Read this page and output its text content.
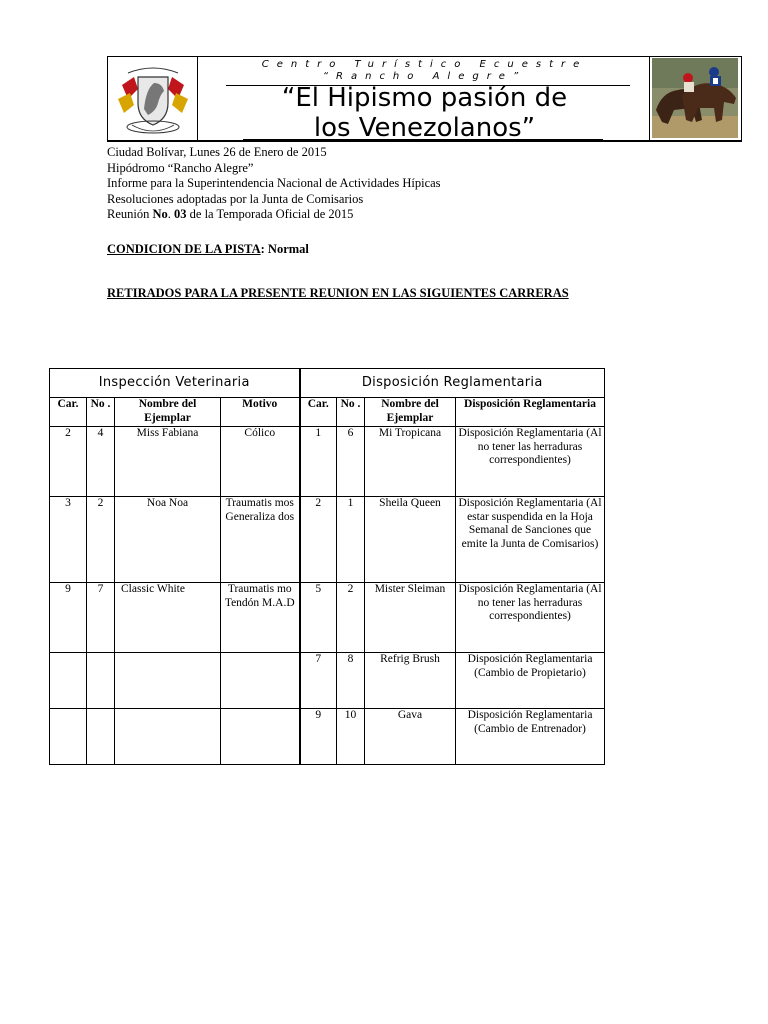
Centro Turístico Ecuestre
“Rancho Alegre”
“El Hipismo pasión de
los Venezolanos”
Ciudad Bolívar, Lunes 26 de Enero de 2015
Hipódromo “Rancho Alegre”
Informe para la Superintendencia Nacional de Actividades Hípicas
Resoluciones adoptadas por la Junta de Comisarios
Reunión No. 03 de la Temporada Oficial de 2015
CONDICION DE LA PISTA: Normal
RETIRADOS PARA LA PRESENTE REUNION EN LAS SIGUIENTES CARRERAS
Inspección Veterinaria				Disposición Reglamentaria			
Car.	No .	Nombre del Ejemplar	Motivo	Car.	No .	Nombre del Ejemplar	Disposición Reglamentaria
2	4	Miss Fabiana	Cólico	1	6	Mi Tropicana	Disposición Reglamentaria (Al no tener las herraduras correspondientes)
3	2	Noa Noa	Traumatis mos Generaliza dos	2	1	Sheila Queen	Disposición Reglamentaria (Al estar suspendida en la Hoja Semanal de Sanciones que emite la Junta de Comisarios)
9	7	Classic White	Traumatis mo Tendón M.A.D	5	2	Mister Sleiman	Disposición Reglamentaria (Al no tener las herraduras correspondientes)
				7	8	Refrig Brush	Disposición Reglamentaria (Cambio de Propietario)
				9	10	Gava	Disposición Reglamentaria (Cambio de Entrenador)
